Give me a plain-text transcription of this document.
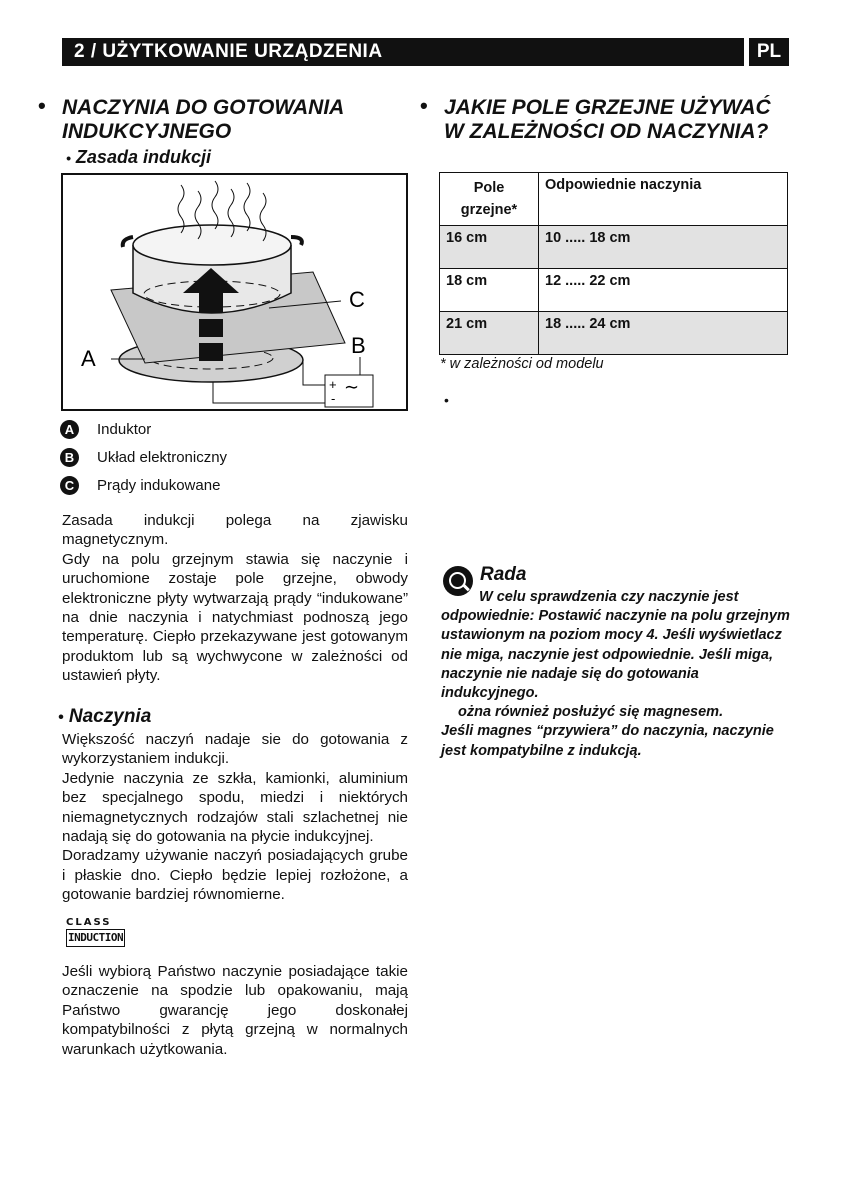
2 / UŻYTKOWANIE URZĄDZENIA	PL
• NACZYNIA DO GOTOWANIA
INDUKCYJNEGO
• Zasada indukcji
A
C
B
+
-
∼
A	Induktor
B	Układ elektroniczny
C	Prądy indukowane
Zasada indukcji polega na zjawisku magnetycznym.
Gdy na polu grzejnym stawia się naczynie i uruchomione zostaje pole grzejne, obwody elektroniczne płyty wytwarzają prądy “indukowane” na dnie naczynia i natychmiast podnoszą jego temperaturę. Ciepło przekazywane jest gotowanym produktom lub są wychwycone w zależności od ustawień płyty.
• Naczynia
Większość naczyń nadaje sie do gotowania z wykorzystaniem indukcji.
Jedynie naczynia ze szkła, kamionki, aluminium bez specjalnego spodu, miedzi i niektórych niemagnetycznych rodzajów stali szlachetnej nie nadają się do gotowania na płycie indukcyjnej.
Doradzamy używanie naczyń posiadających grube i płaskie dno. Ciepło będzie lepiej rozłożone, a gotowanie bardziej równomierne.
CLASS
INDUCTION
Jeśli wybiorą Państwo naczynie posiadające takie oznaczenie na spodzie lub opakowaniu, mają Państwo gwarancję jego doskonałej kompatybilności z płytą grzejną w normalnych warunkach użytkowania.
• JAKIE POLE GRZEJNE UŻYWAĆ
W ZALEŻNOŚCI OD NACZYNIA?
Pole
grzejne*	Odpowiednie naczynia
16 cm	10 ..... 18 cm
18 cm	12 ..... 22 cm
21 cm	18 ..... 24 cm
* w zależności od modelu
•
Rada
W celu sprawdzenia czy naczynie jest
odpowiednie: Postawić naczynie na polu grzejnym ustawionym na poziom mocy 4. Jeśli wyświetlacz nie miga, naczynie jest odpowiednie. Jeśli miga, naczynie nie nadaje się do gotowania indukcyjnego.
ożna również posłużyć się magnesem.
Jeśli magnes “przywiera” do naczynia, naczynie jest kompatybilne z indukcją.
